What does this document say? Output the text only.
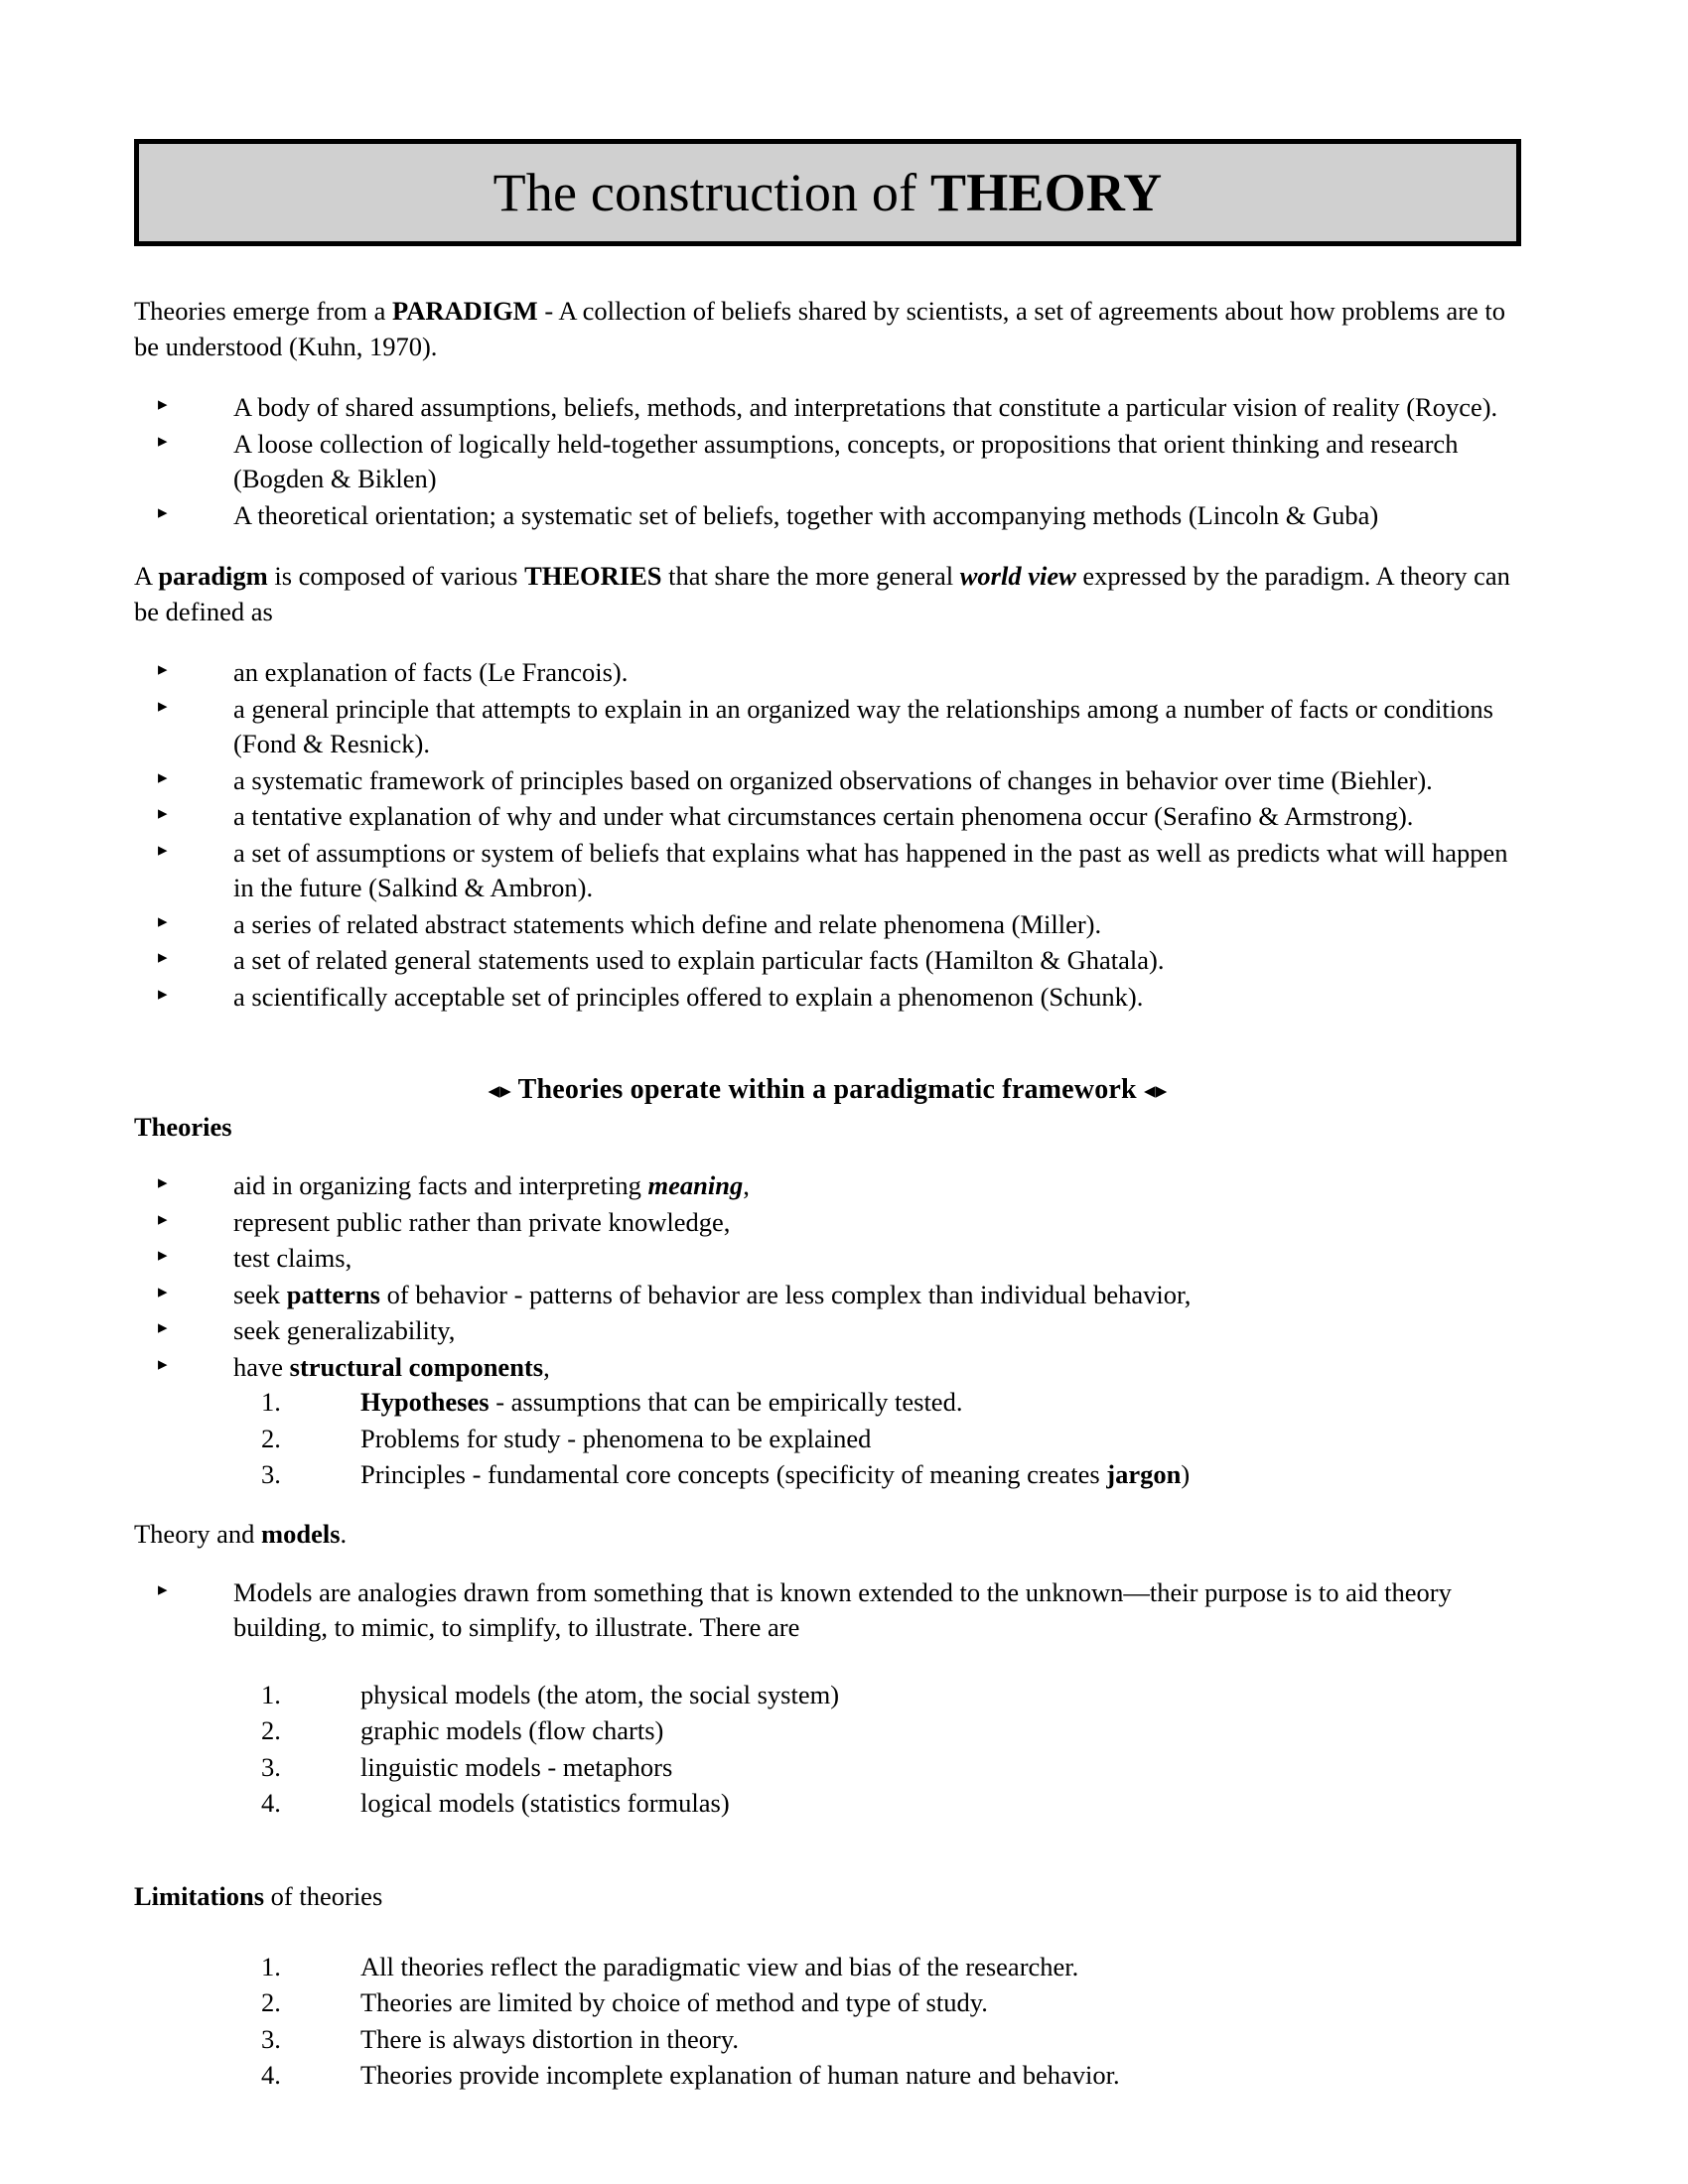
The construction of THEORY

Theories emerge from a PARADIGM - A collection of beliefs shared by scientists, a set of agreements about how problems are to be understood (Kuhn, 1970).

▸	A body of shared assumptions, beliefs, methods, and interpretations that constitute a particular vision of reality (Royce).
▸	A loose collection of logically held-together assumptions, concepts, or propositions that orient thinking and research (Bogden & Biklen)
▸	A theoretical orientation; a systematic set of beliefs, together with accompanying methods (Lincoln & Guba)

A paradigm is composed of various THEORIES that share the more general world view expressed by the paradigm. A theory can be defined as

▸	an explanation of facts (Le Francois).
▸	a general principle that attempts to explain in an organized way the relationships among a number of facts or conditions (Fond & Resnick).
▸	a systematic framework of principles based on organized observations of changes in behavior over time (Biehler).
▸	a tentative explanation of why and under what circumstances certain phenomena occur (Serafino & Armstrong).
▸	a set of assumptions or system of beliefs that explains what has happened in the past as well as predicts what will happen in the future (Salkind & Ambron).
▸	a series of related abstract statements which define and relate phenomena (Miller).
▸	a set of related general statements used to explain particular facts (Hamilton & Ghatala).
▸	a scientifically acceptable set of principles offered to explain a phenomenon (Schunk).
◂▸ Theories operate within a paradigmatic framework ◂▸
Theories
▸	aid in organizing facts and interpreting meaning,
▸	represent public rather than private knowledge,
▸	test claims,
▸	seek patterns of behavior - patterns of behavior are less complex than individual behavior,
▸	seek generalizability,
▸	have structural components,
1.	Hypotheses - assumptions that can be empirically tested.
2.	Problems for study - phenomena to be explained
3.	Principles - fundamental core concepts (specificity of meaning creates jargon)
Theory and models.
▸	Models are analogies drawn from something that is known extended to the unknown—their purpose is to aid theory building, to mimic, to simplify, to illustrate. There are
1.	physical models (the atom, the social system)
2.	graphic models (flow charts)
3.	linguistic models - metaphors
4.	logical models (statistics formulas)
Limitations of theories
1.	All theories reflect the paradigmatic view and bias of the researcher.
2.	Theories are limited by choice of method and type of study.
3.	There is always distortion in theory.
4.	Theories provide incomplete explanation of human nature and behavior.
